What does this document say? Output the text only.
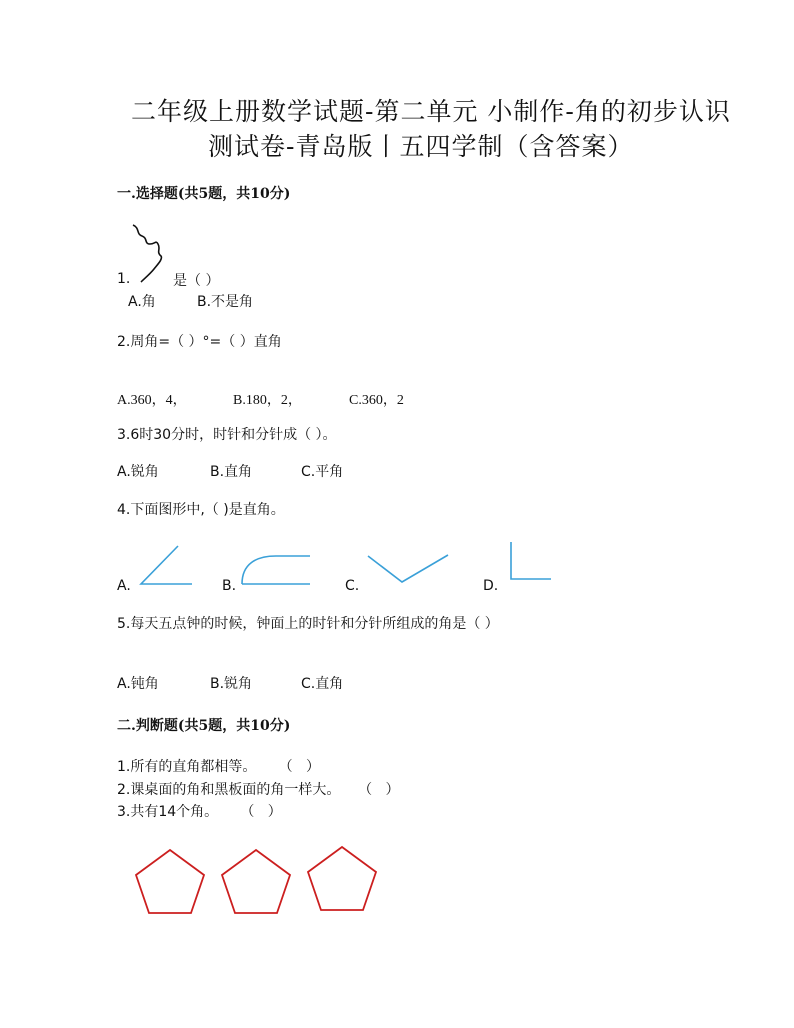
二年级上册数学试题-第二单元 小制作-角的初步认识
测试卷-青岛版丨五四学制（含答案）
一.选择题(共5题，共10分)
1.	是（ ）
A.角	B.不是角
2.周角=（ ）°=（ ）直角
A.360，4，	B.180，2，	C.360，2
3.6时30分时，时针和分针成（ ）。
A.锐角	B.直角	C.平角
4.下面图形中,（ )是直角。
A.	B.	C.	D.
5.每天五点钟的时候，钟面上的时针和分针所组成的角是（ ）
A.钝角	B.锐角	C.直角
二.判断题(共5题，共10分)
1.所有的直角都相等。     （   ）
2.课桌面的角和黑板面的角一样大。    （   ）
3.共有14个角。     （   ）
